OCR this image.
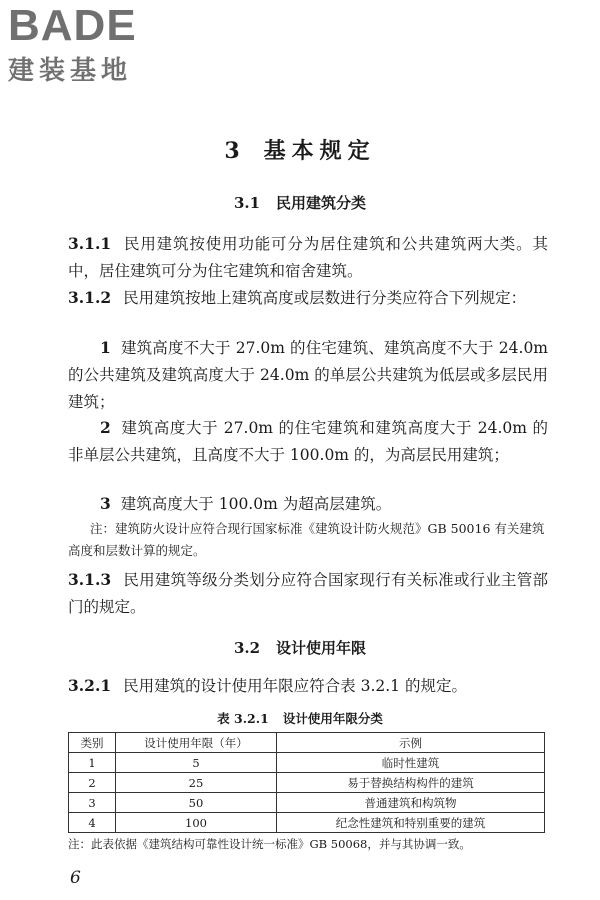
BADE
建装基地
3 基本规定
3.1 民用建筑分类
3.1.1 民用建筑按使用功能可分为居住建筑和公共建筑两大类。其中，居住建筑可分为住宅建筑和宿舍建筑。
3.1.2 民用建筑按地上建筑高度或层数进行分类应符合下列规定：
1 建筑高度不大于 27.0m 的住宅建筑、建筑高度不大于 24.0m 的公共建筑及建筑高度大于 24.0m 的单层公共建筑为低层或多层民用建筑；
2 建筑高度大于 27.0m 的住宅建筑和建筑高度大于 24.0m 的非单层公共建筑，且高度不大于 100.0m 的，为高层民用建筑；
3 建筑高度大于 100.0m 为超高层建筑。
注：建筑防火设计应符合现行国家标准《建筑设计防火规范》GB 50016 有关建筑高度和层数计算的规定。
3.1.3 民用建筑等级分类划分应符合国家现行有关标准或行业主管部门的规定。
3.2 设计使用年限
3.2.1 民用建筑的设计使用年限应符合表 3.2.1 的规定。
表 3.2.1 设计使用年限分类
类别	设计使用年限（年）	示例
1	5	临时性建筑
2	25	易于替换结构构件的建筑
3	50	普通建筑和构筑物
4	100	纪念性建筑和特别重要的建筑
注：此表依据《建筑结构可靠性设计统一标准》GB 50068，并与其协调一致。
6
